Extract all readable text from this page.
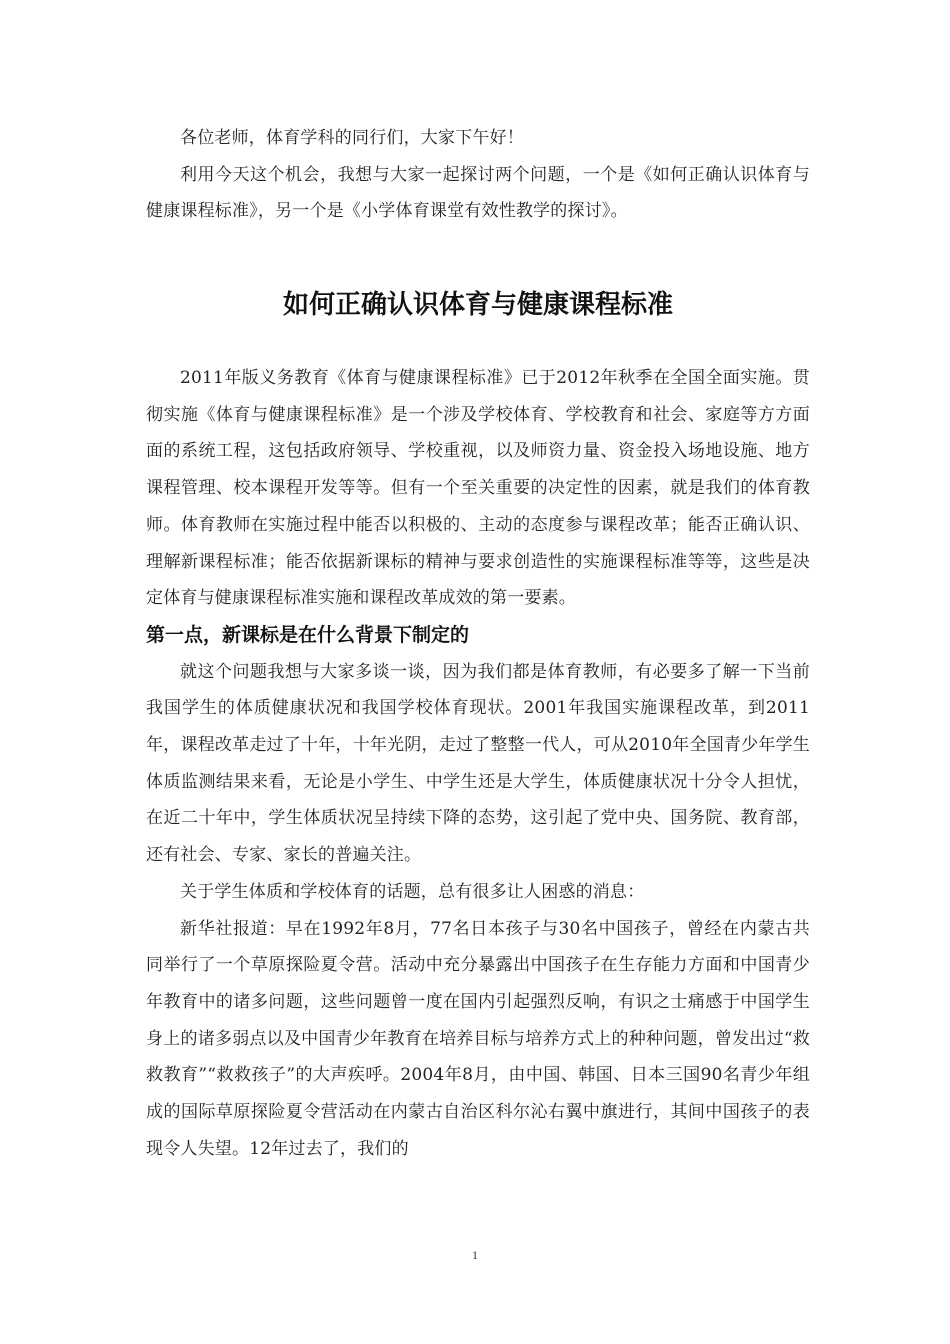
各位老师，体育学科的同行们，大家下午好！

利用今天这个机会，我想与大家一起探讨两个问题，一个是《如何正确认识体育与健康课程标准》，另一个是《小学体育课堂有效性教学的探讨》。

如何正确认识体育与健康课程标准

2011年版义务教育《体育与健康课程标准》已于2012年秋季在全国全面实施。贯彻实施《体育与健康课程标准》是一个涉及学校体育、学校教育和社会、家庭等方方面面的系统工程，这包括政府领导、学校重视，以及师资力量、资金投入场地设施、地方课程管理、校本课程开发等等。但有一个至关重要的决定性的因素，就是我们的体育教师。体育教师在实施过程中能否以积极的、主动的态度参与课程改革；能否正确认识、理解新课程标准；能否依据新课标的精神与要求创造性的实施课程标准等等，这些是决定体育与健康课程标准实施和课程改革成效的第一要素。

第一点，新课标是在什么背景下制定的

就这个问题我想与大家多谈一谈，因为我们都是体育教师，有必要多了解一下当前我国学生的体质健康状况和我国学校体育现状。2001年我国实施课程改革，到2011年，课程改革走过了十年，十年光阴，走过了整整一代人，可从2010年全国青少年学生体质监测结果来看，无论是小学生、中学生还是大学生，体质健康状况十分令人担忧，在近二十年中，学生体质状况呈持续下降的态势，这引起了党中央、国务院、教育部，还有社会、专家、家长的普遍关注。

关于学生体质和学校体育的话题，总有很多让人困惑的消息：

新华社报道：早在1992年8月，77名日本孩子与30名中国孩子，曾经在内蒙古共同举行了一个草原探险夏令营。活动中充分暴露出中国孩子在生存能力方面和中国青少年教育中的诸多问题，这些问题曾一度在国内引起强烈反响，有识之士痛感于中国学生身上的诸多弱点以及中国青少年教育在培养目标与培养方式上的种种问题，曾发出过“救救教育”“救救孩子”的大声疾呼。2004年8月，由中国、韩国、日本三国90名青少年组成的国际草原探险夏令营活动在内蒙古自治区科尔沁右翼中旗进行，其间中国孩子的表现令人失望。12年过去了，我们的

1
